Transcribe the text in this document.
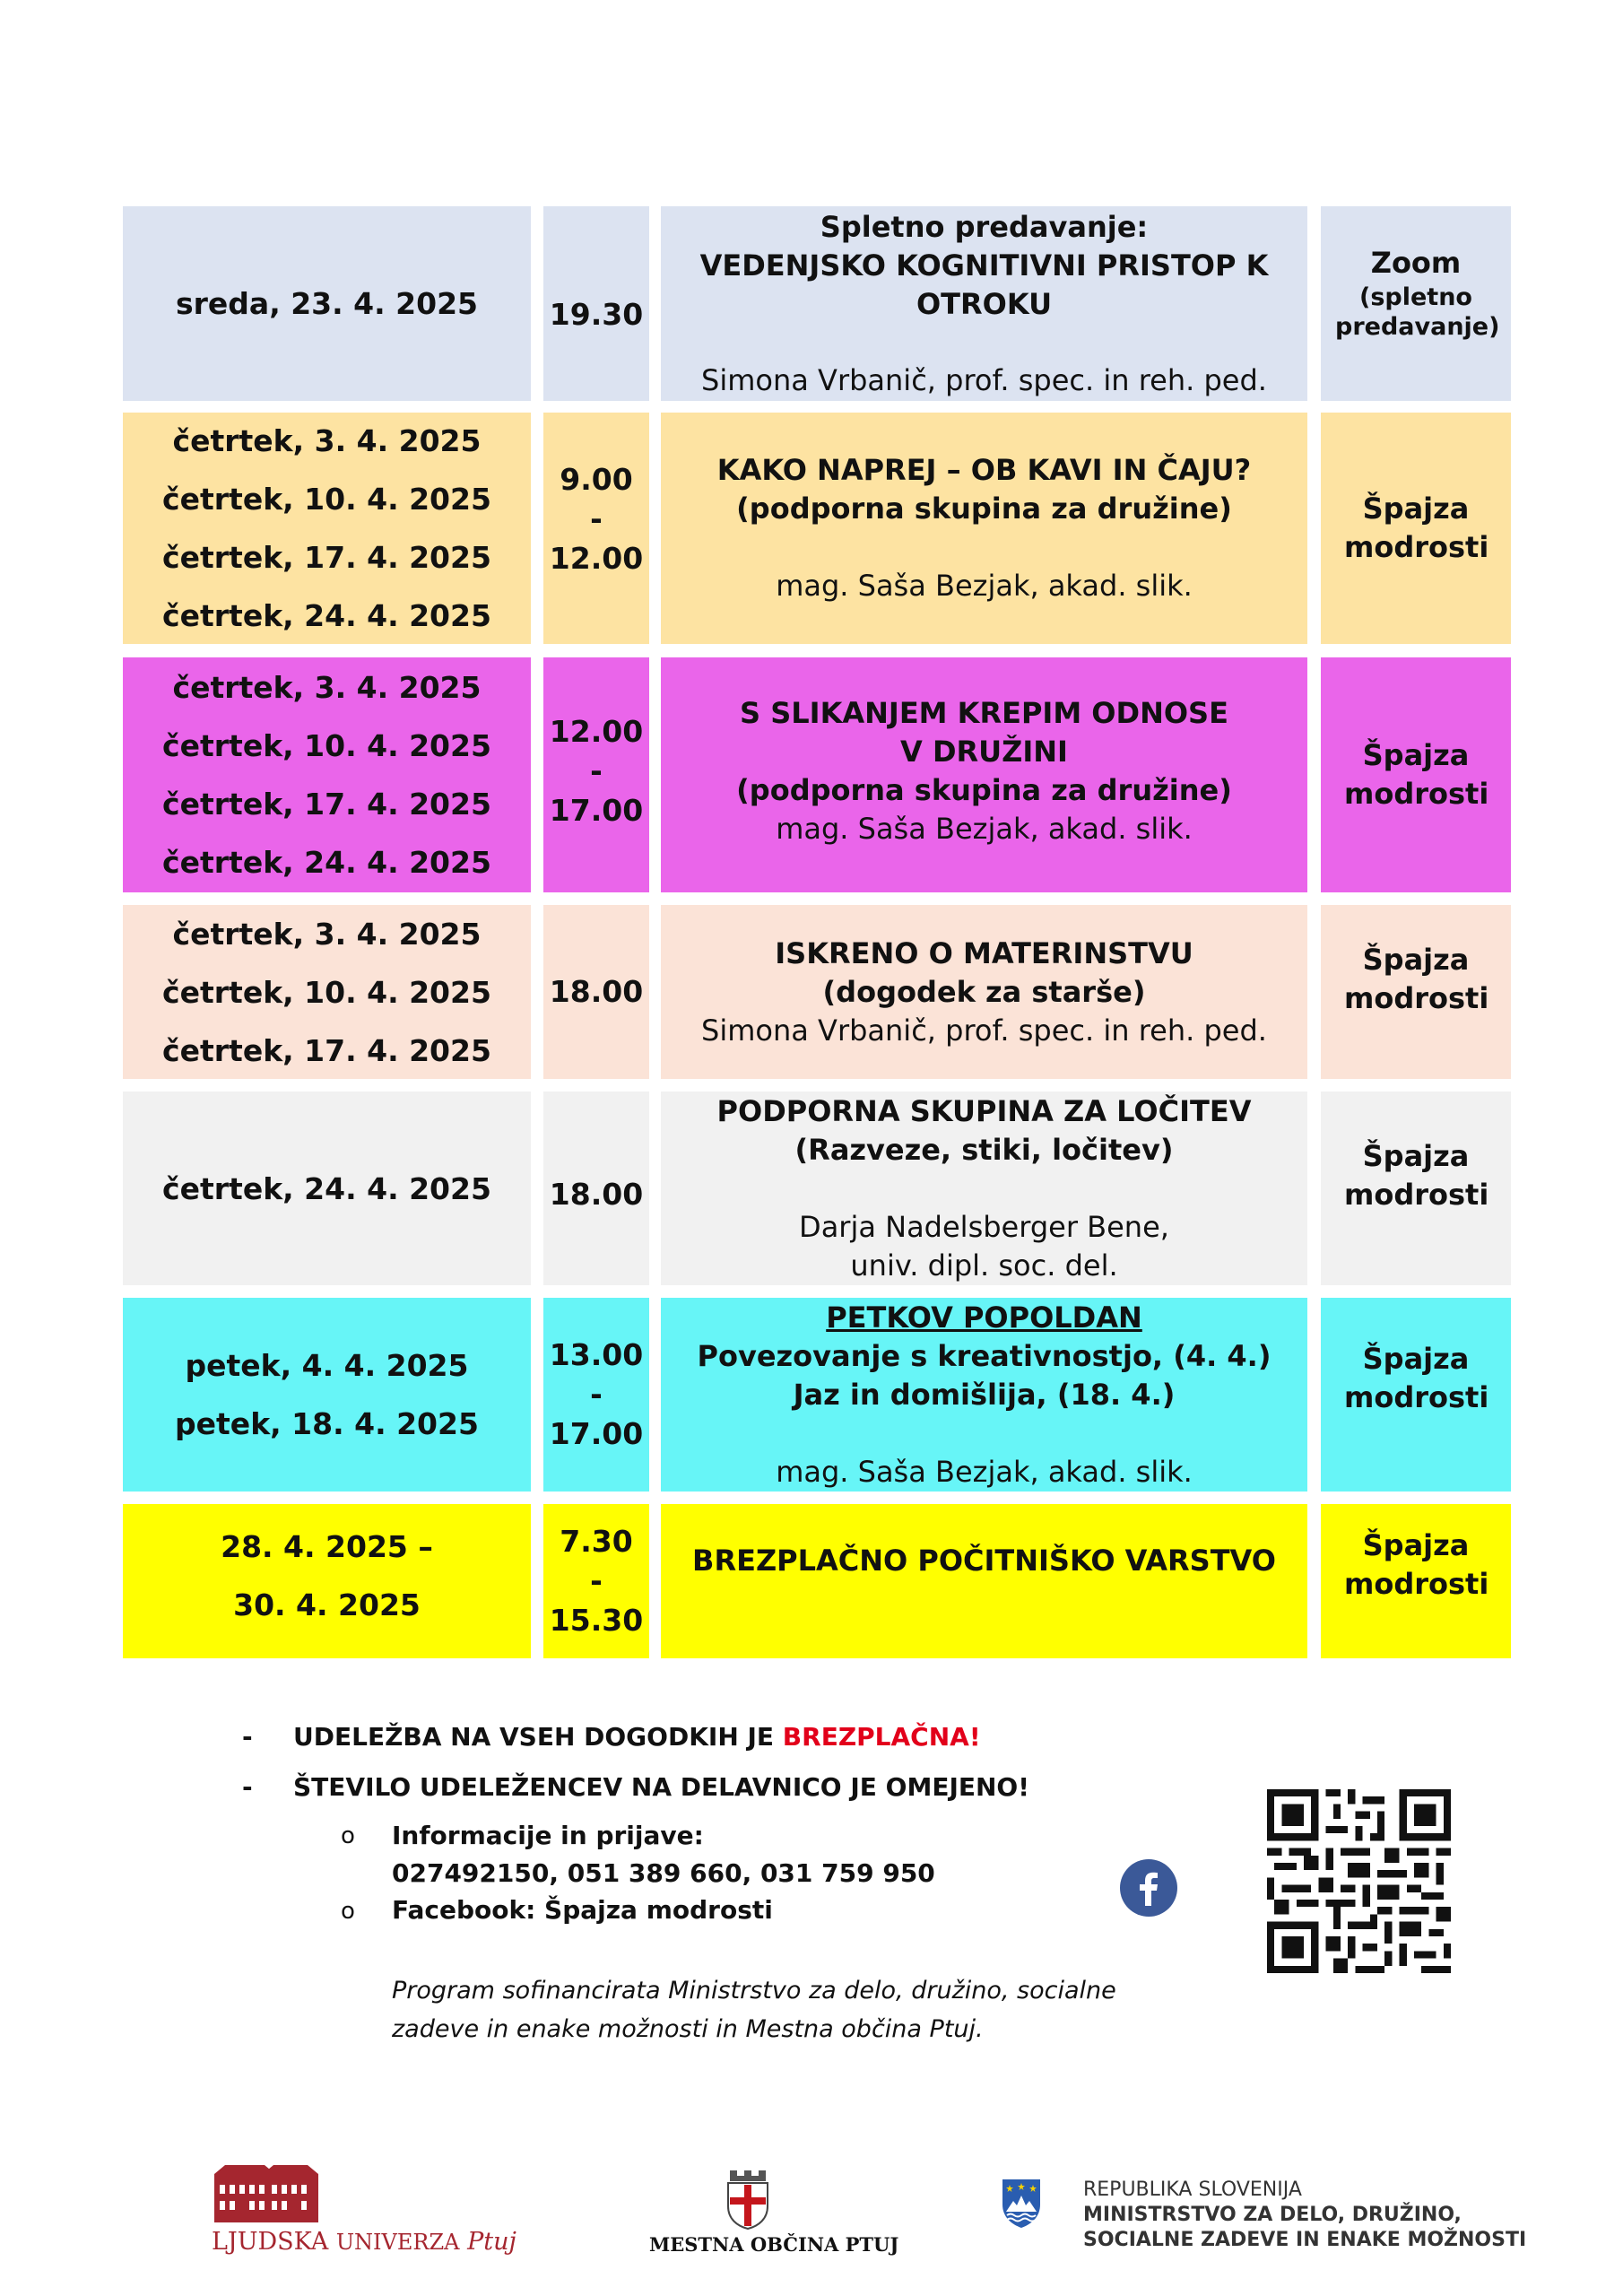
sreda, 23. 4. 2025 19.30
Spletno predavanje:
VEDENJSKO KOGNITIVNI PRISTOP K
OTROKU
Simona Vrbanič, prof. spec. in reh. ped.
Zoom
(spletno predavanje)
četrtek, 3. 4. 2025
četrtek, 10. 4. 2025
četrtek, 17. 4. 2025
četrtek, 24. 4. 2025
9.00
-
12.00
KAKO NAPREJ – OB KAVI IN ČAJU?
(podporna skupina za družine)
mag. Saša Bezjak, akad. slik.
Špajza modrosti
četrtek, 3. 4. 2025
četrtek, 10. 4. 2025
četrtek, 17. 4. 2025
četrtek, 24. 4. 2025
12.00
-
17.00
S SLIKANJEM KREPIM ODNOSE
V DRUŽINI
(podporna skupina za družine)
mag. Saša Bezjak, akad. slik.
Špajza modrosti
četrtek, 3. 4. 2025
četrtek, 10. 4. 2025
četrtek, 17. 4. 2025
18.00
ISKRENO O MATERINSTVU
(dogodek za starše)
Simona Vrbanič, prof. spec. in reh. ped.
Špajza modrosti
četrtek, 24. 4. 2025 18.00
PODPORNA SKUPINA ZA LOČITEV
(Razveze, stiki, ločitev)
Darja Nadelsberger Bene, univ. dipl. soc. del.
Špajza modrosti
petek, 4. 4. 2025
petek, 18. 4. 2025
13.00
-
17.00
PETKOV POPOLDAN
Povezovanje s kreativnostjo, (4. 4.)
Jaz in domišlija, (18. 4.)
mag. Saša Bezjak, akad. slik.
Špajza modrosti
28. 4. 2025 –
30. 4. 2025
7.30
-
15.30
BREZPLAČNO POČITNIŠKO VARSTVO	Špajza modrosti
- UDELEŽBA NA VSEH DOGODKIH JE BREZPLAČNA!
- ŠTEVILO UDELEŽENCEV NA DELAVNICO JE OMEJENO!
o Informacije in prijave:
027492150, 051 389 660, 031 759 950
o Facebook: Špajza modrosti
Program sofinancirata Ministrstvo za delo, družino, socialne zadeve in enake možnosti in Mestna občina Ptuj.
LJUDSKA UNIVERZA Ptuj	MESTNA OBČINA PTUJ
REPUBLIKA SLOVENIJA
MINISTRSTVO ZA DELO, DRUŽINO,
SOCIALNE ZADEVE IN ENAKE MOŽNOSTI
